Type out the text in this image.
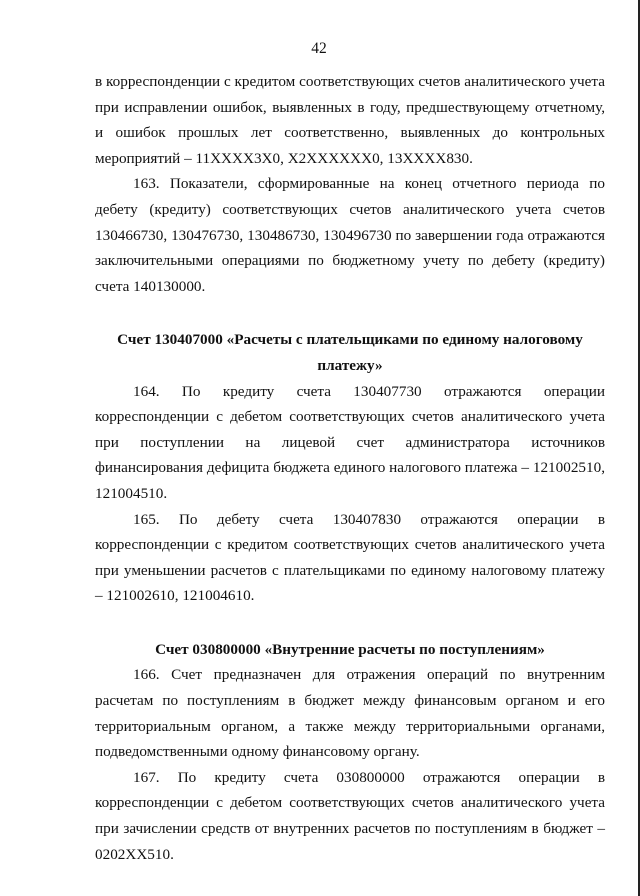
42

в корреспонденции с кредитом соответствующих счетов аналитического учета при исправлении ошибок, выявленных в году, предшествующему отчетному, и ошибок прошлых лет соответственно, выявленных до контрольных мероприятий – 11XXXX3X0, X2XXXXXX0, 13XXXX830.

163. Показатели, сформированные на конец отчетного периода по дебету (кредиту) соответствующих счетов аналитического учета счетов 130466730, 130476730, 130486730, 130496730 по завершении года отражаются заключительными операциями по бюджетному учету по дебету (кредиту) счета 140130000.

Счет 130407000 «Расчеты с плательщиками по единому налоговому платежу»

164. По кредиту счета 130407730 отражаются операции корреспонденции с дебетом соответствующих счетов аналитического учета при поступлении на лицевой счет администратора источников финансирования дефицита бюджета единого налогового платежа – 121002510, 121004510.

165. По дебету счета 130407830 отражаются операции в корреспонденции с кредитом соответствующих счетов аналитического учета при уменьшении расчетов с плательщиками по единому налоговому платежу – 121002610, 121004610.

Счет 030800000 «Внутренние расчеты по поступлениям»

166. Счет предназначен для отражения операций по внутренним расчетам по поступлениям в бюджет между финансовым органом и его территориальным органом, а также между территориальными органами, подведомственными одному финансовому органу.

167. По кредиту счета 030800000 отражаются операции в корреспонденции с дебетом соответствующих счетов аналитического учета при зачислении средств от внутренних расчетов по поступлениям в бюджет – 0202XX510.
